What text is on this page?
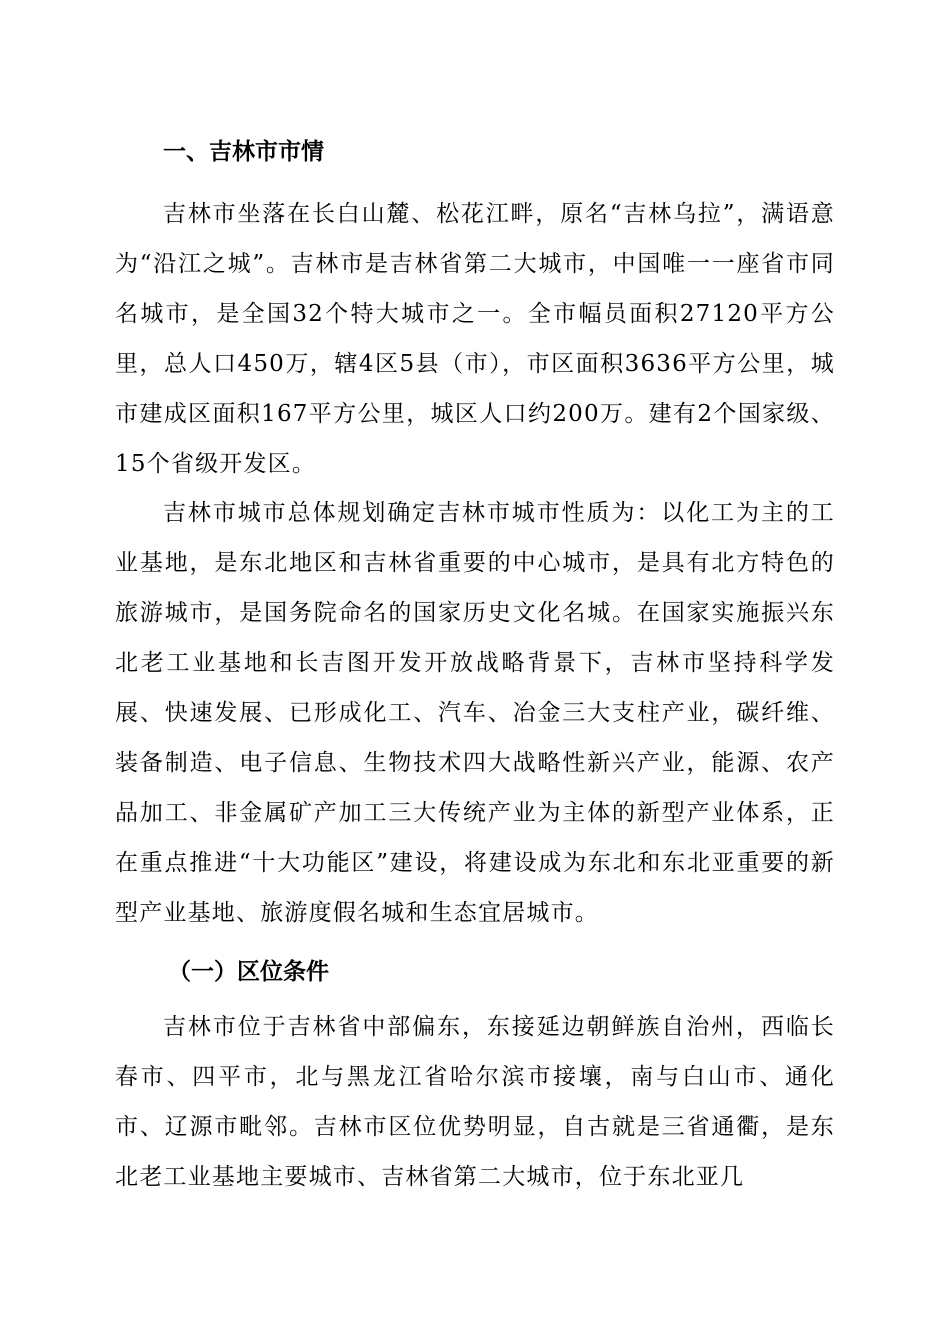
一、吉林市市情

吉林市坐落在长白山麓、松花江畔，原名“吉林乌拉”，满语意为“沿江之城”。吉林市是吉林省第二大城市，中国唯一一座省市同名城市，是全国32个特大城市之一。全市幅员面积27120平方公里，总人口450万，辖4区5县（市），市区面积3636平方公里，城市建成区面积167平方公里，城区人口约200万。建有2个国家级、15个省级开发区。

吉林市城市总体规划确定吉林市城市性质为：以化工为主的工业基地，是东北地区和吉林省重要的中心城市，是具有北方特色的旅游城市，是国务院命名的国家历史文化名城。在国家实施振兴东北老工业基地和长吉图开发开放战略背景下，吉林市坚持科学发展、快速发展、已形成化工、汽车、冶金三大支柱产业，碳纤维、装备制造、电子信息、生物技术四大战略性新兴产业，能源、农产品加工、非金属矿产加工三大传统产业为主体的新型产业体系，正在重点推进“十大功能区”建设，将建设成为东北和东北亚重要的新型产业基地、旅游度假名城和生态宜居城市。

（一）区位条件

吉林市位于吉林省中部偏东，东接延边朝鲜族自治州，西临长春市、四平市，北与黑龙江省哈尔滨市接壤，南与白山市、通化市、辽源市毗邻。吉林市区位优势明显，自古就是三省通衢，是东北老工业基地主要城市、吉林省第二大城市，位于东北亚几
